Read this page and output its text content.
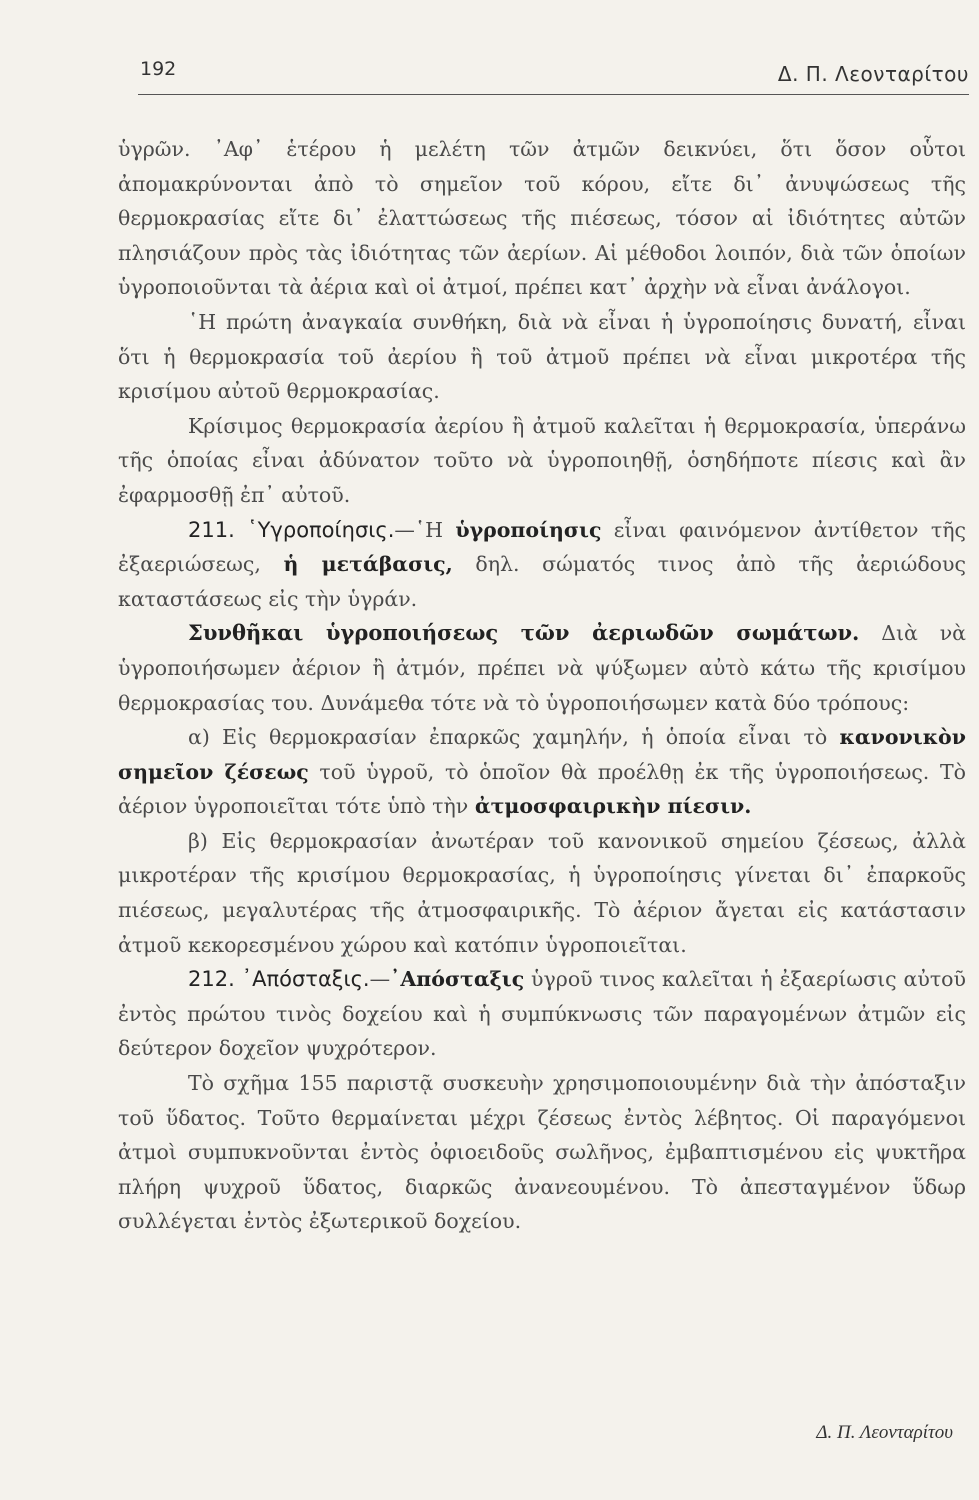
192	Δ. Π. Λεονταρίτου

ὑγρῶν. ᾿Αφ᾿ ἑτέρου ἡ μελέτη τῶν ἀτμῶν δεικνύει, ὅτι ὅσον οὗτοι ἀπομακρύνονται ἀπὸ τὸ σημεῖον τοῦ κόρου, εἴτε δι᾿ ἀνυψώσεως τῆς θερμοκρασίας εἴτε δι᾿ ἐλαττώσεως τῆς πιέσεως, τόσον αἱ ἰδιότητες αὐτῶν πλησιάζουν πρὸς τὰς ἰδιότητας τῶν ἀερίων. Αἱ μέθοδοι λοιπόν, διὰ τῶν ὁποίων ὑγροποιοῦνται τὰ ἀέρια καὶ οἱ ἀτμοί, πρέπει κατ᾿ ἀρχὴν νὰ εἶναι ἀνάλογοι.

῾Η πρώτη ἀναγκαία συνθήκη, διὰ νὰ εἶναι ἡ ὑγροποίησις δυνατή, εἶναι ὅτι ἡ θερμοκρασία τοῦ ἀερίου ἢ τοῦ ἀτμοῦ πρέπει νὰ εἶναι μικροτέρα τῆς κρισίμου αὐτοῦ θερμοκρασίας.

Κρίσιμος θερμοκρασία ἀερίου ἢ ἀτμοῦ καλεῖται ἡ θερμοκρασία, ὑπεράνω τῆς ὁποίας εἶναι ἀδύνατον τοῦτο νὰ ὑγροποιηθῇ, ὁσηδήποτε πίεσις καὶ ἂν ἐφαρμοσθῇ ἐπ᾿ αὐτοῦ.

211. ῾Υγροποίησις.—῾Η ὑγροποίησις εἶναι φαινόμενον ἀντίθετον τῆς ἐξαεριώσεως, ἡ μετάβασις, δηλ. σώματός τινος ἀπὸ τῆς ἀεριώδους καταστάσεως εἰς τὴν ὑγράν.

Συνθῆκαι ὑγροποιήσεως τῶν ἀεριωδῶν σωμάτων. Διὰ νὰ ὑγροποιήσωμεν ἀέριον ἢ ἀτμόν, πρέπει νὰ ψύξωμεν αὐτὸ κάτω τῆς κρισίμου θερμοκρασίας του. Δυνάμεθα τότε νὰ τὸ ὑγροποιήσωμεν κατὰ δύο τρόπους:

α) Εἰς θερμοκρασίαν ἐπαρκῶς χαμηλήν, ἡ ὁποία εἶναι τὸ κανονικὸν σημεῖον ζέσεως τοῦ ὑγροῦ, τὸ ὁποῖον θὰ προέλθῃ ἐκ τῆς ὑγροποιήσεως. Τὸ ἀέριον ὑγροποιεῖται τότε ὑπὸ τὴν ἀτμοσφαιρικὴν πίεσιν.

β) Εἰς θερμοκρασίαν ἀνωτέραν τοῦ κανονικοῦ σημείου ζέσεως, ἀλλὰ μικροτέραν τῆς κρισίμου θερμοκρασίας, ἡ ὑγροποίησις γίνεται δι᾿ ἐπαρκοῦς πιέσεως, μεγαλυτέρας τῆς ἀτμοσφαιρικῆς. Τὸ ἀέριον ἄγεται εἰς κατάστασιν ἀτμοῦ κεκορεσμένου χώρου καὶ κατόπιν ὑγροποιεῖται.

212. ᾿Απόσταξις.—᾿Απόσταξις ὑγροῦ τινος καλεῖται ἡ ἐξαερίωσις αὐτοῦ ἐντὸς πρώτου τινὸς δοχείου καὶ ἡ συμπύκνωσις τῶν παραγομένων ἀτμῶν εἰς δεύτερον δοχεῖον ψυχρότερον.

Τὸ σχῆμα 155 παριστᾷ συσκευὴν χρησιμοποιουμένην διὰ τὴν ἀπόσταξιν τοῦ ὕδατος. Τοῦτο θερμαίνεται μέχρι ζέσεως ἐντὸς λέβητος. Οἱ παραγόμενοι ἀτμοὶ συμπυκνοῦνται ἐντὸς ὀφιοειδοῦς σωλῆνος, ἐμβαπτισμένου εἰς ψυκτῆρα πλήρη ψυχροῦ ὕδατος, διαρκῶς ἀνανεουμένου. Τὸ ἀπεσταγμένον ὕδωρ συλλέγεται ἐντὸς ἐξωτερικοῦ δοχείου.

Δ. Π. Λεονταρίτου
